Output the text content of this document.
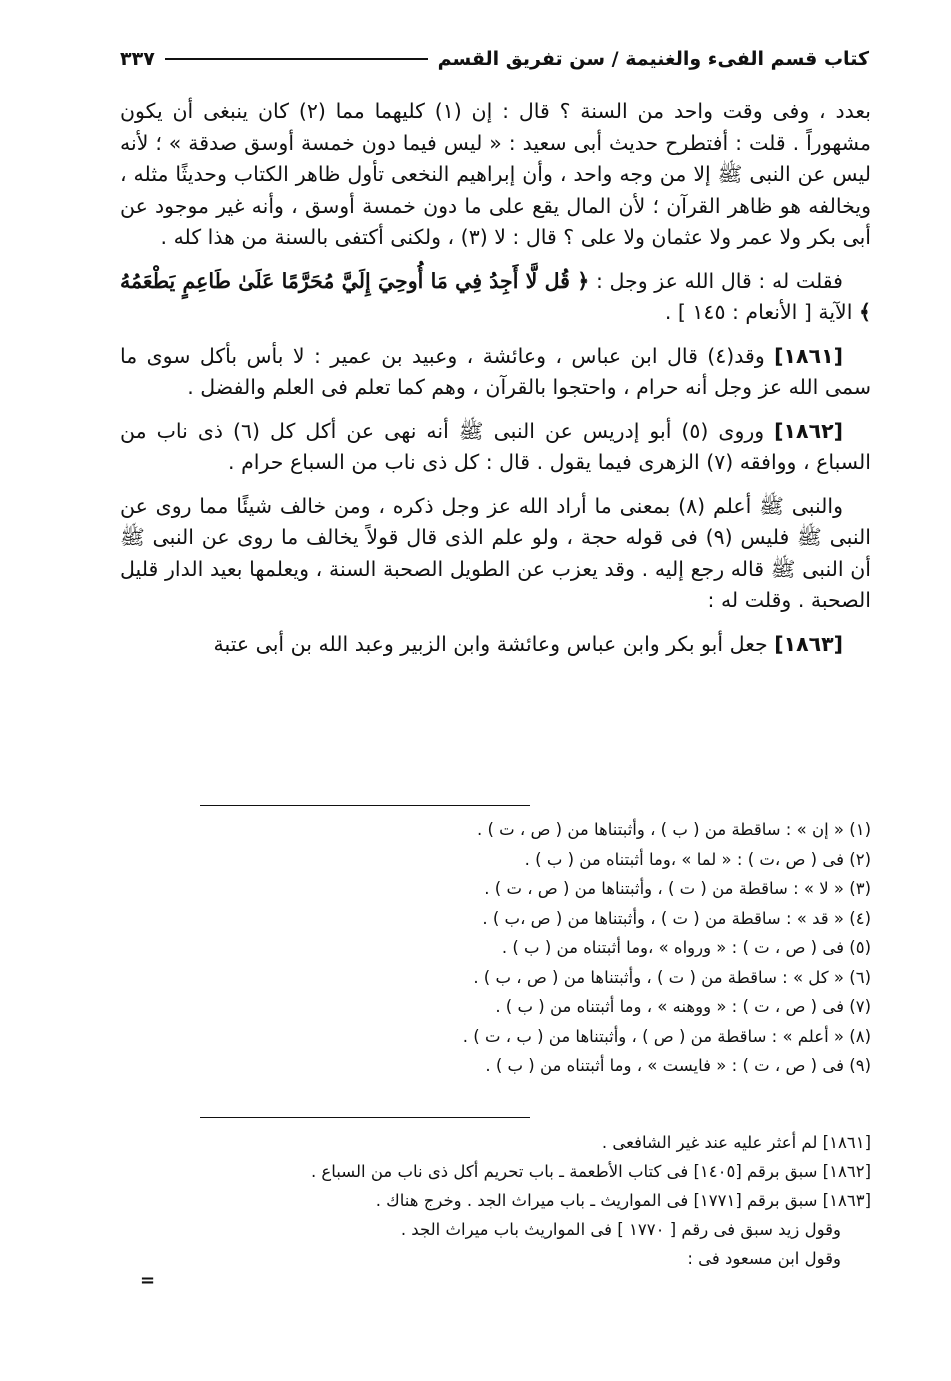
كتاب قسم الفىء والغنيمة / سن تفريق القسم
٣٣٧

بعدد ، وفى وقت واحد من السنة ؟ قال : إن (١) كليهما مما (٢) كان ينبغى أن يكون مشهوراً . قلت : أفتطرح حديث أبى سعيد : « ليس فيما دون خمسة أوسق صدقة » ؛ لأنه ليس عن النبى ﷺ إلا من وجه واحد ، وأن إبراهيم النخعى تأول ظاهر الكتاب وحديثًا مثله ، ويخالفه هو ظاهر القرآن ؛ لأن المال يقع على ما دون خمسة أوسق ، وأنه غير موجود عن أبى بكر ولا عمر ولا عثمان ولا على ؟ قال : لا (٣) ، ولكنى أكتفى بالسنة من هذا كله .

فقلت له : قال الله عز وجل : ﴿ قُل لَّا أَجِدُ فِي مَا أُوحِيَ إِلَيَّ مُحَرَّمًا عَلَىٰ طَاعِمٍ يَطْعَمُهُ ﴾ الآية [ الأنعام : ١٤٥ ] .

[١٨٦١] وقد(٤) قال ابن عباس ، وعائشة ، وعبيد بن عمير : لا بأس بأكل سوى ما سمى الله عز وجل أنه حرام ، واحتجوا بالقرآن ، وهم كما تعلم فى العلم والفضل .

[١٨٦٢] وروى (٥) أبو إدريس عن النبى ﷺ أنه نهى عن أكل كل (٦) ذى ناب من السباع ، ووافقه (٧) الزهرى فيما يقول . قال : كل ذى ناب من السباع حرام .

والنبى ﷺ أعلم (٨) بمعنى ما أراد الله عز وجل ذكره ، ومن خالف شيئًا مما روى عن النبى ﷺ فليس (٩) فى قوله حجة ، ولو علم الذى قال قولاً يخالف ما روى عن النبى ﷺ أن النبى ﷺ قاله رجع إليه . وقد يعزب عن الطويل الصحبة السنة ، ويعلمها بعيد الدار قليل الصحبة . وقلت له :

[١٨٦٣] جعل أبو بكر وابن عباس وعائشة وابن الزبير وعبد الله بن أبى عتبة

(١) « إن » : ساقطة من ( ب ) ، وأثبتناها من ( ص ، ت ) .
(٢) فى ( ص ،ت ) : « لما » ،وما أثبتناه من ( ب ) .
(٣) « لا » : ساقطة من ( ت ) ، وأثبتناها من ( ص ، ت ) .
(٤) « قد » : ساقطة من ( ت ) ، وأثبتناها من ( ص ،ب ) .
(٥) فى ( ص ، ت ) : « ورواه » ،وما أثبتناه من ( ب ) .
(٦) « كل » : ساقطة من ( ت ) ، وأثبتناها من ( ص ، ب ) .
(٧) فى ( ص ، ت ) : « ووهنه » ، وما أثبتناه من ( ب ) .
(٨) « أعلم » : ساقطة من ( ص ) ، وأثبتناها من ( ب ، ت ) .
(٩) فى ( ص ، ت ) : « فايست » ، وما أثبتناه من ( ب ) .
[١٨٦١] لم أعثر عليه عند غير الشافعى .
[١٨٦٢] سبق برقم [١٤٠٥] فى كتاب الأطعمة ـ باب تحريم أكل ذى ناب من السباع .
[١٨٦٣] سبق برقم [١٧٧١] فى المواريث ـ باب ميراث الجد . وخرج هناك .
وقول زيد سبق فى رقم [ ١٧٧٠ ] فى المواريث باب ميراث الجد .
وقول ابن مسعود فى :
=
